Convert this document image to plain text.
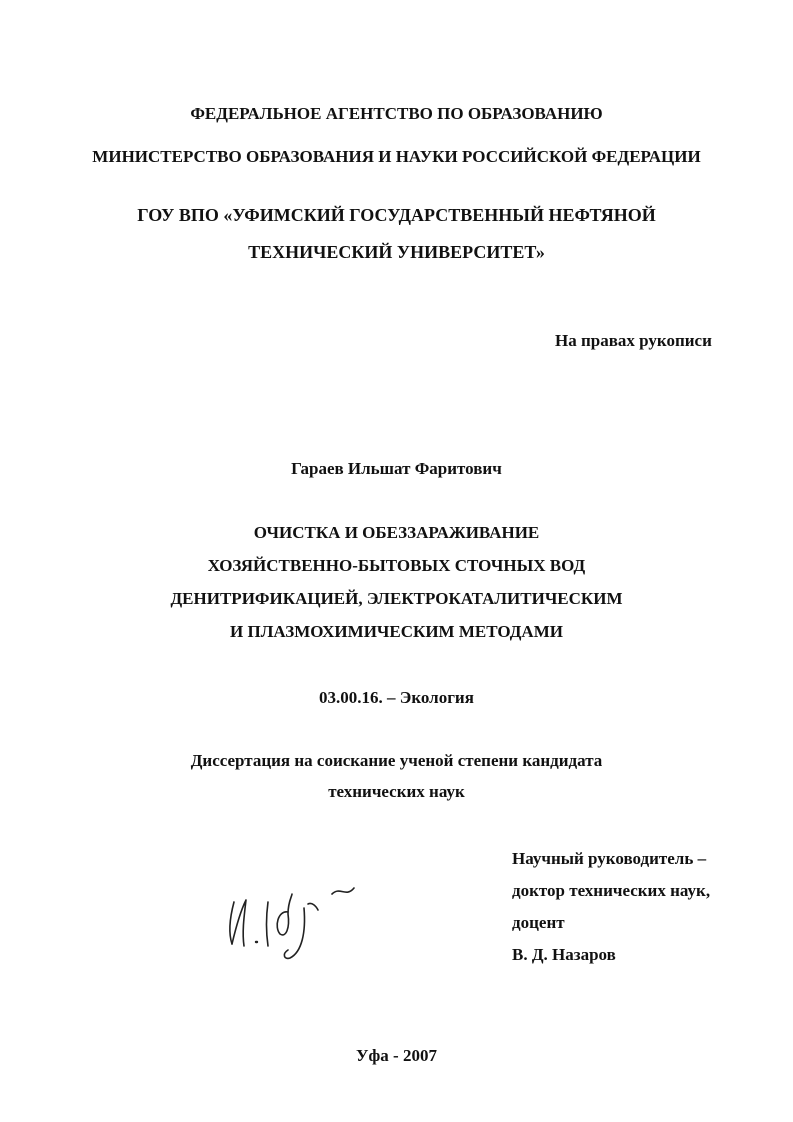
ФЕДЕРАЛЬНОЕ АГЕНТСТВО ПО ОБРАЗОВАНИЮ
МИНИСТЕРСТВО ОБРАЗОВАНИЯ И НАУКИ РОССИЙСКОЙ ФЕДЕРАЦИИ
ГОУ ВПО «УФИМСКИЙ ГОСУДАРСТВЕННЫЙ НЕФТЯНОЙ
ТЕХНИЧЕСКИЙ УНИВЕРСИТЕТ»
На правах рукописи
Гараев Ильшат Фаритович
ОЧИСТКА И ОБЕЗЗАРАЖИВАНИЕ
ХОЗЯЙСТВЕННО-БЫТОВЫХ СТОЧНЫХ ВОД
ДЕНИТРИФИКАЦИЕЙ, ЭЛЕКТРОКАТАЛИТИЧЕСКИМ
И ПЛАЗМОХИМИЧЕСКИМ МЕТОДАМИ
03.00.16. – Экология
Диссертация на соискание ученой степени кандидата
технических наук
Научный руководитель –
доктор технических наук,
доцент
В. Д. Назаров
Уфа - 2007
